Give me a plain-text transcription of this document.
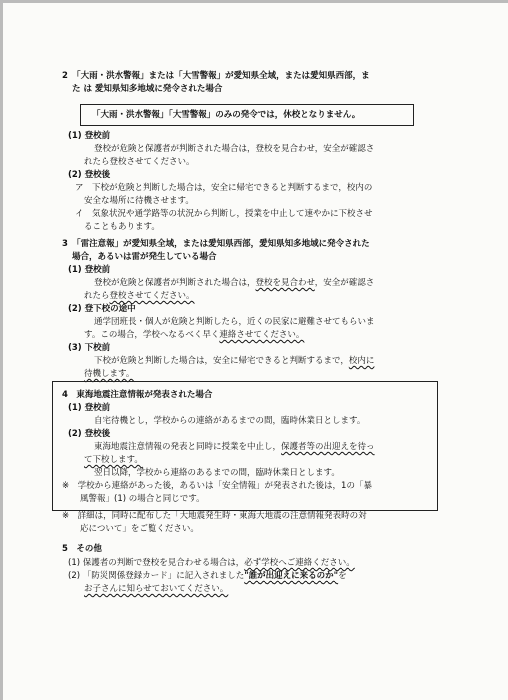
2　「大雨・洪水警報」または「大雪警報」が愛知県全域，または愛知県西部，ま
た は 愛知県知多地域に発令された場合
「大雨・洪水警報」「大雪警報」のみの発令では，休校となりません。
(1) 登校前
登校が危険と保護者が判断された場合は，登校を見合わせ，安全が確認さ
れたら登校させてください。
(2) 登校後
ア　下校が危険と判断した場合は，安全に帰宅できると判断するまで，校内の
安全な場所に待機させます。
イ　気象状況や通学路等の状況から判断し，授業を中止して速やかに下校させ
ることもあります。
3　「雷注意報」が愛知県全域，または愛知県西部，愛知県知多地域に発令された
場合，あるいは雷が発生している場合
(1) 登校前
登校が危険と保護者が判断された場合は，登校を見合わせ，安全が確認さ
れたら登校させてください。
(2) 登下校の途中
通学団班長・個人が危険と判断したら，近くの民家に避難させてもらいま
す。この場合，学校へなるべく早く連絡させてください。
(3) 下校前
下校が危険と判断した場合は，安全に帰宅できると判断するまで，校内に
待機します。
4　東海地震注意情報が発表された場合
(1) 登校前
自宅待機とし，学校からの連絡があるまでの間，臨時休業日とします。
(2) 登校後
東海地震注意情報の発表と同時に授業を中止し，保護者等の出迎えを待っ
て下校します。
翌日以降，学校から連絡のあるまでの間，臨時休業日とします。
※　学校から連絡があった後，あるいは「安全情報」が発表された後は，1の「暴
風警報」(1) の場合と同じです。
※　詳細は，同時に配布した「大地震発生時・東海大地震の注意情報発表時の対
応について」をご覧ください。
5　その他
(1) 保護者の判断で登校を見合わせる場合は，必ず学校へご連絡ください。
(2) 「防災関係登録カード」に記入されました"誰が出迎えに来るのか"を
お子さんに知らせておいてください。
